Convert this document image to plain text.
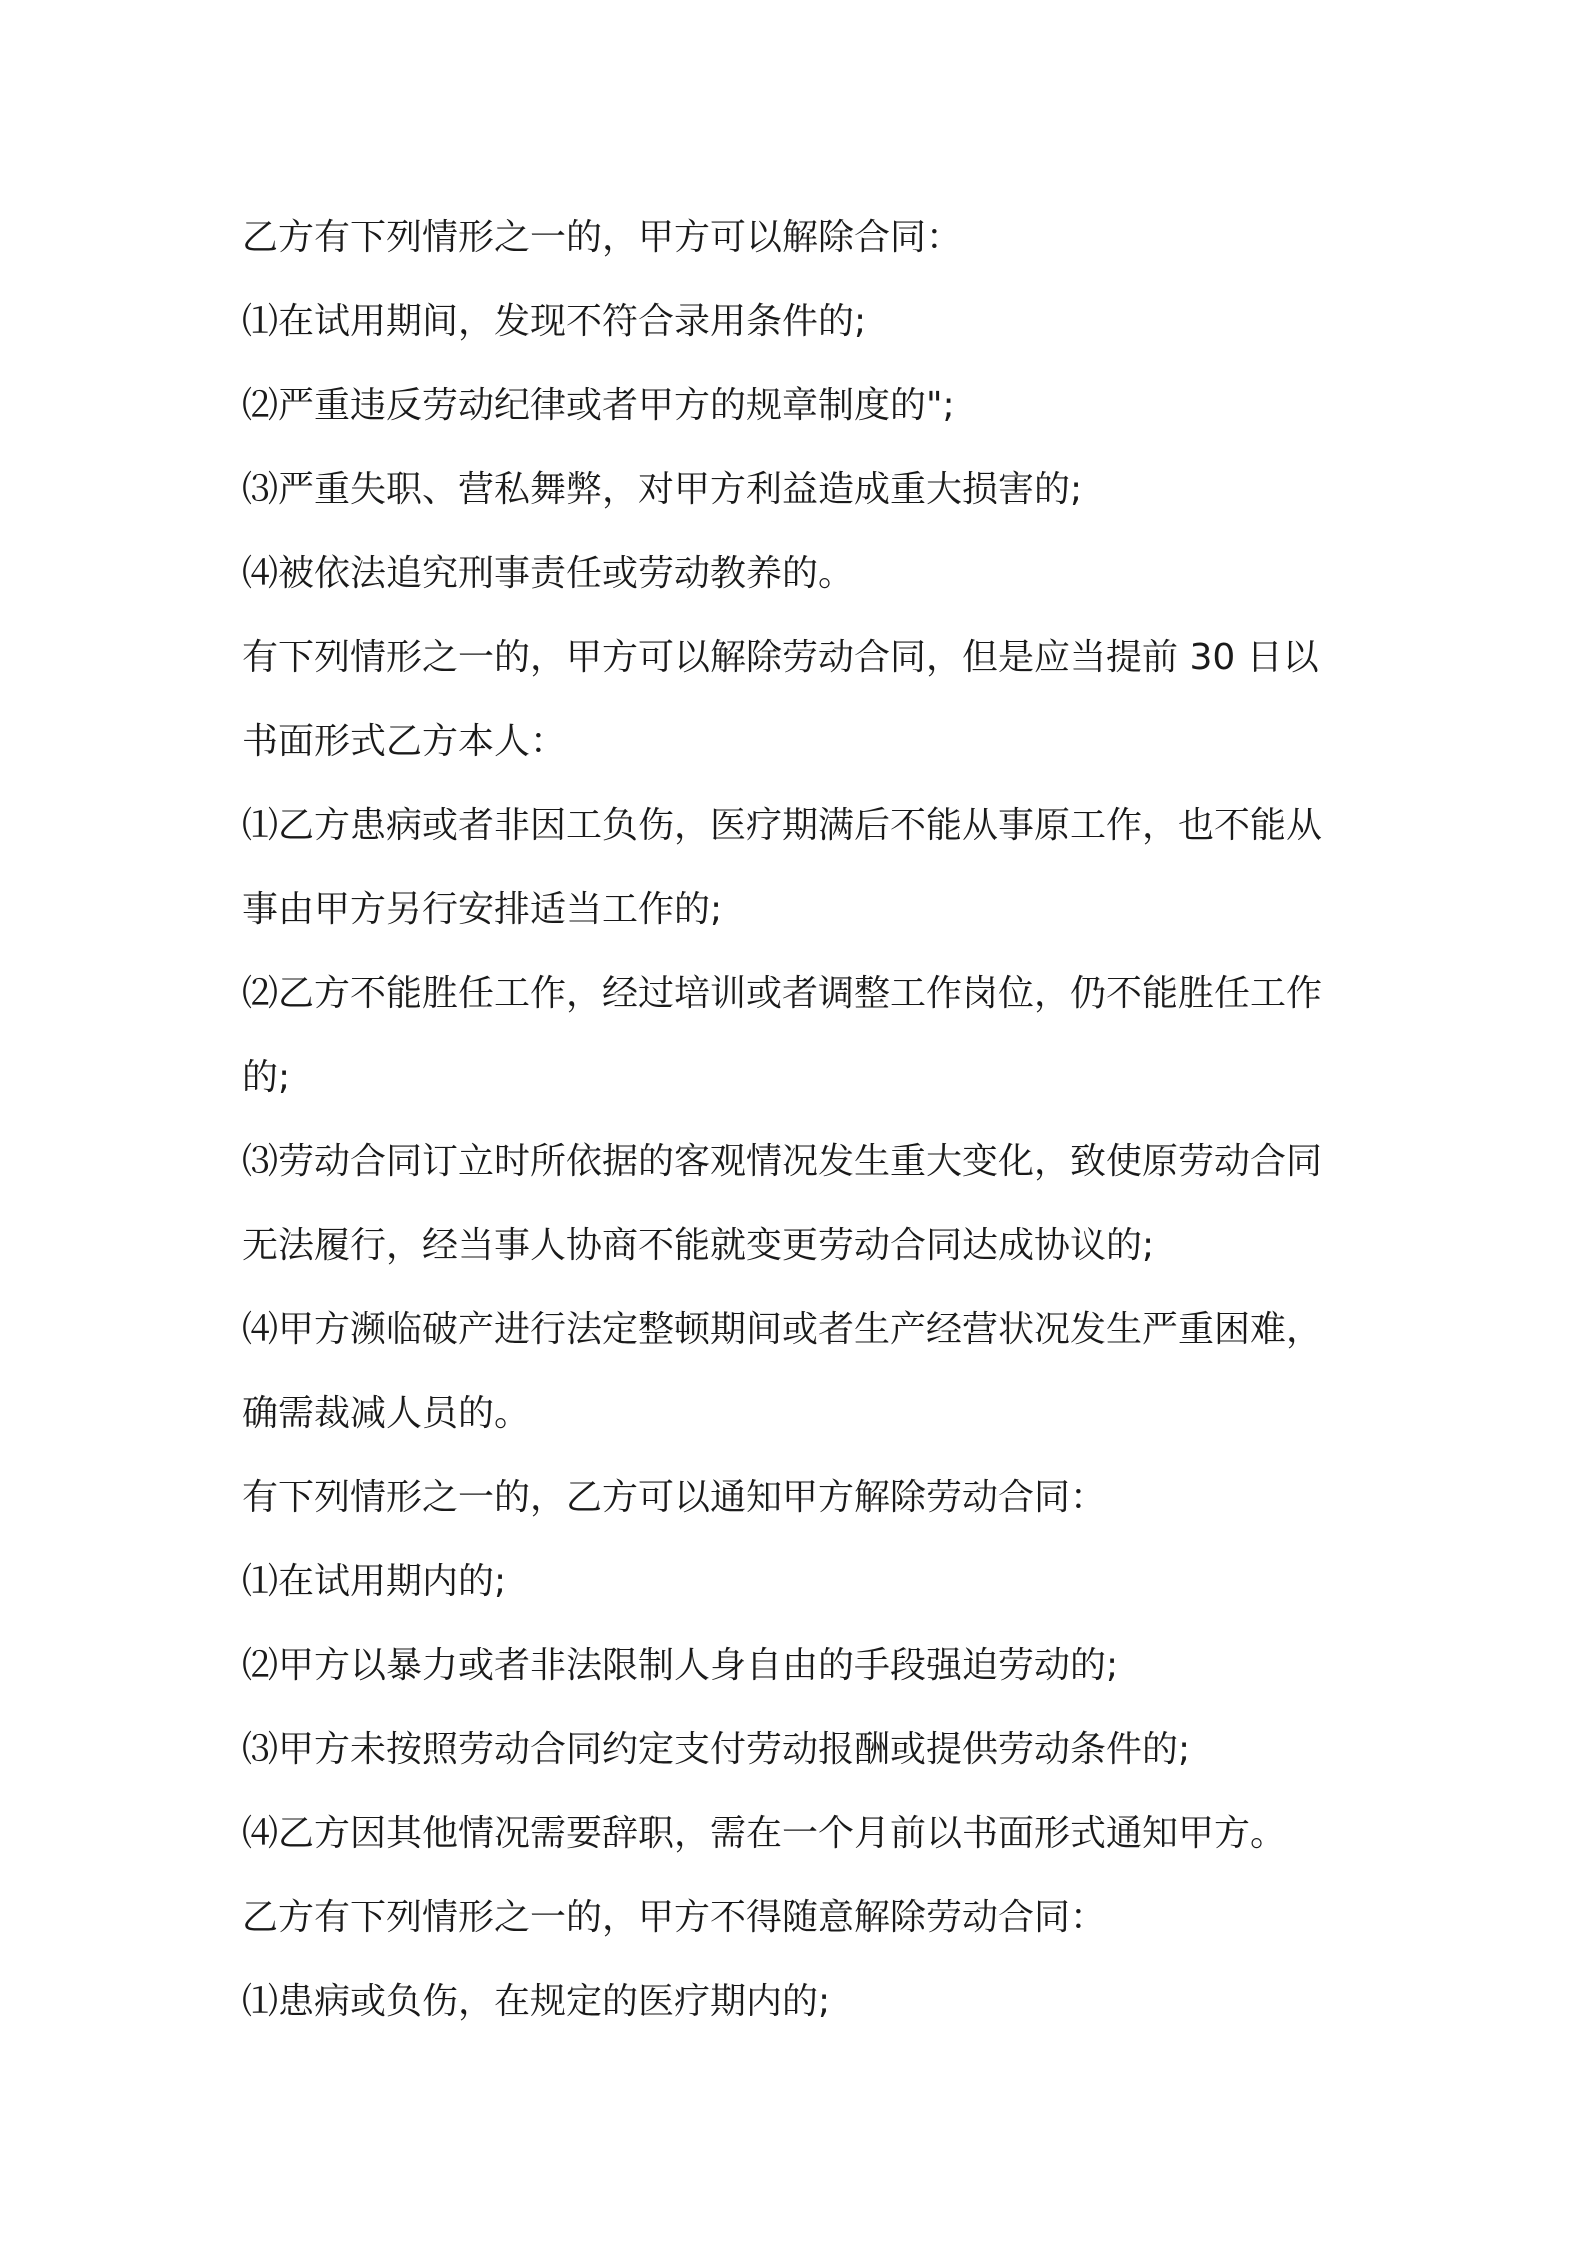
乙方有下列情形之一的，甲方可以解除合同：
⑴在试用期间，发现不符合录用条件的;
⑵严重违反劳动纪律或者甲方的规章制度的";
⑶严重失职、营私舞弊，对甲方利益造成重大损害的;
⑷被依法追究刑事责任或劳动教养的。
有下列情形之一的，甲方可以解除劳动合同，但是应当提前 30 日以
书面形式乙方本人：
⑴乙方患病或者非因工负伤，医疗期满后不能从事原工作，也不能从
事由甲方另行安排适当工作的;
⑵乙方不能胜任工作，经过培训或者调整工作岗位，仍不能胜任工作
的;
⑶劳动合同订立时所依据的客观情况发生重大变化，致使原劳动合同
无法履行，经当事人协商不能就变更劳动合同达成协议的;
⑷甲方濒临破产进行法定整顿期间或者生产经营状况发生严重困难，
确需裁减人员的。
有下列情形之一的，乙方可以通知甲方解除劳动合同：
⑴在试用期内的;
⑵甲方以暴力或者非法限制人身自由的手段强迫劳动的;
⑶甲方未按照劳动合同约定支付劳动报酬或提供劳动条件的;
⑷乙方因其他情况需要辞职，需在一个月前以书面形式通知甲方。
乙方有下列情形之一的，甲方不得随意解除劳动合同：
⑴患病或负伤，在规定的医疗期内的;
